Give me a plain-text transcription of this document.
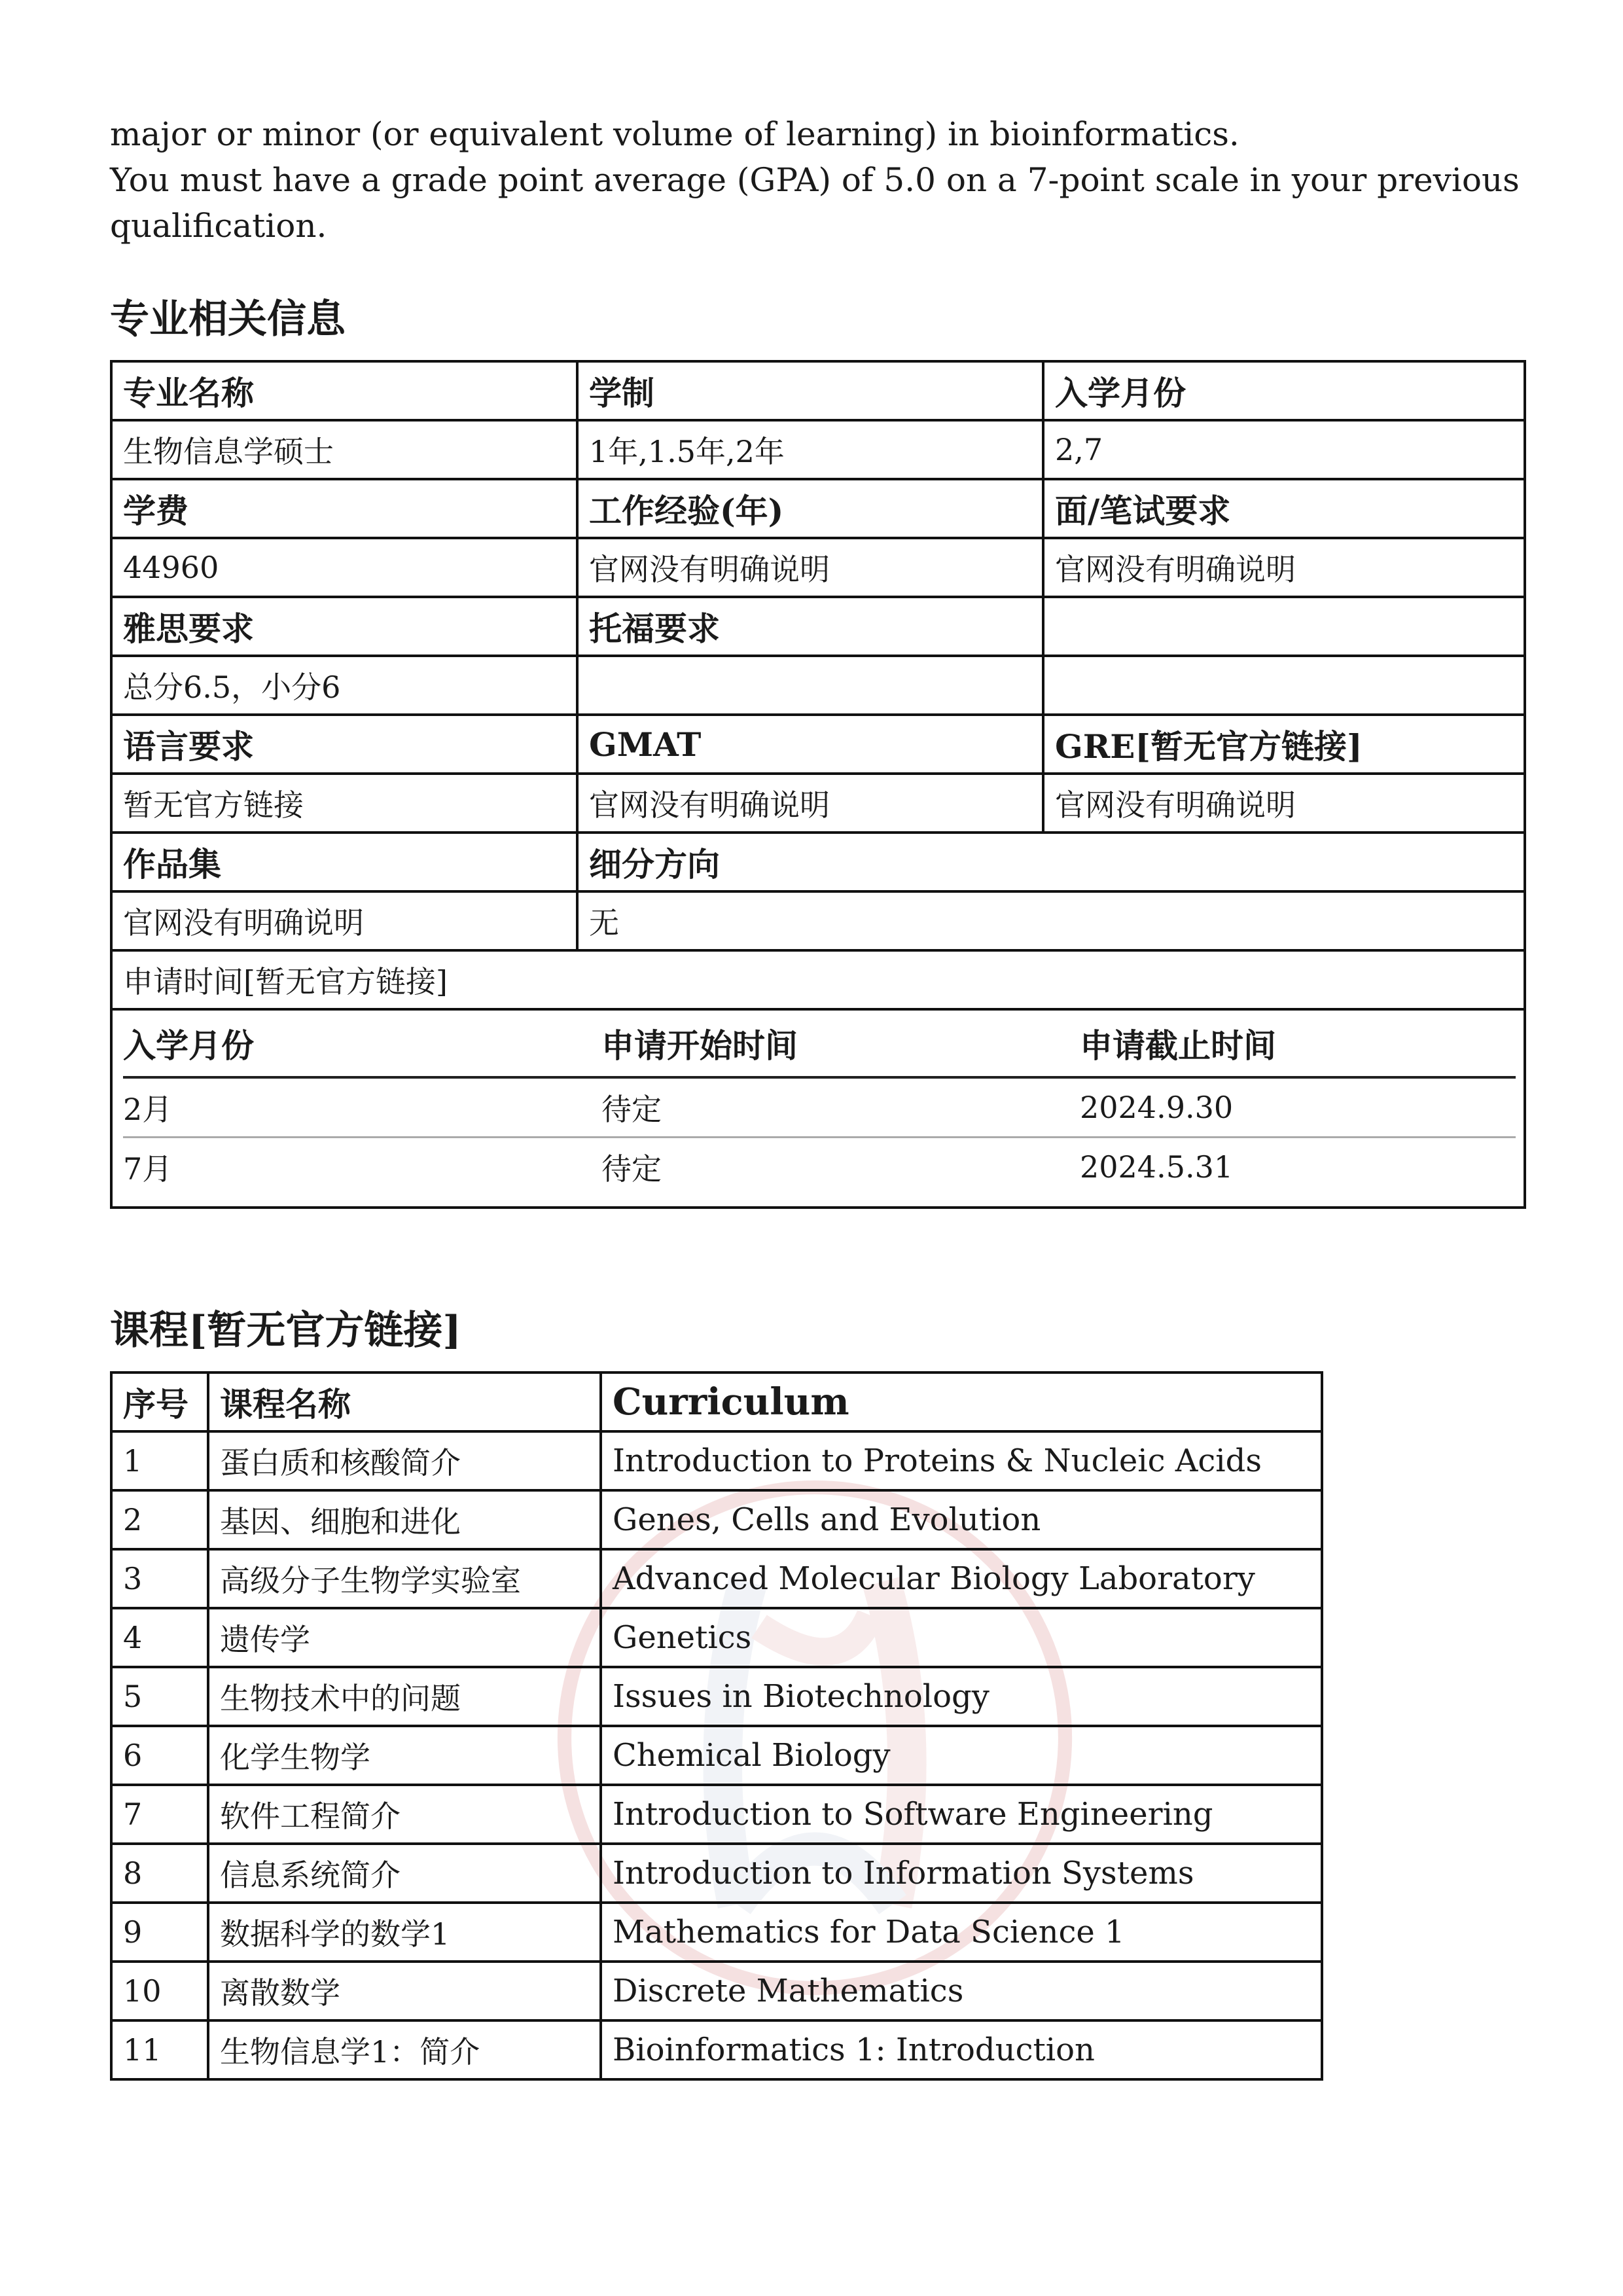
major or minor (or equivalent volume of learning) in bioinformatics.

You must have a grade point average (GPA) of 5.0 on a 7-point scale in your previous

qualification.

专业相关信息
专业名称	学制	入学月份
生物信息学硕士	1年,1.5年,2年	2,7
学费	工作经验(年)	面/笔试要求
44960	官网没有明确说明	官网没有明确说明
雅思要求	托福要求	
总分6.5，小分6		
语言要求	GMAT	GRE[暂无官方链接]
暂无官方链接	官网没有明确说明	官网没有明确说明
作品集	细分方向
官网没有明确说明	无
申请时间[暂无官方链接]

入学月份	申请开始时间	申请截止时间
2月	待定	2024.9.30
7月	待定	2024.5.31
课程[暂无官方链接]
序号	课程名称	Curriculum
1	蛋白质和核酸简介	Introduction to Proteins & Nucleic Acids
2	基因、细胞和进化	Genes, Cells and Evolution
3	高级分子生物学实验室	Advanced Molecular Biology Laboratory
4	遗传学	Genetics
5	生物技术中的问题	Issues in Biotechnology
6	化学生物学	Chemical Biology
7	软件工程简介	Introduction to Software Engineering
8	信息系统简介	Introduction to Information Systems
9	数据科学的数学1	Mathematics for Data Science 1
10	离散数学	Discrete Mathematics
11	生物信息学1：简介	Bioinformatics 1: Introduction
